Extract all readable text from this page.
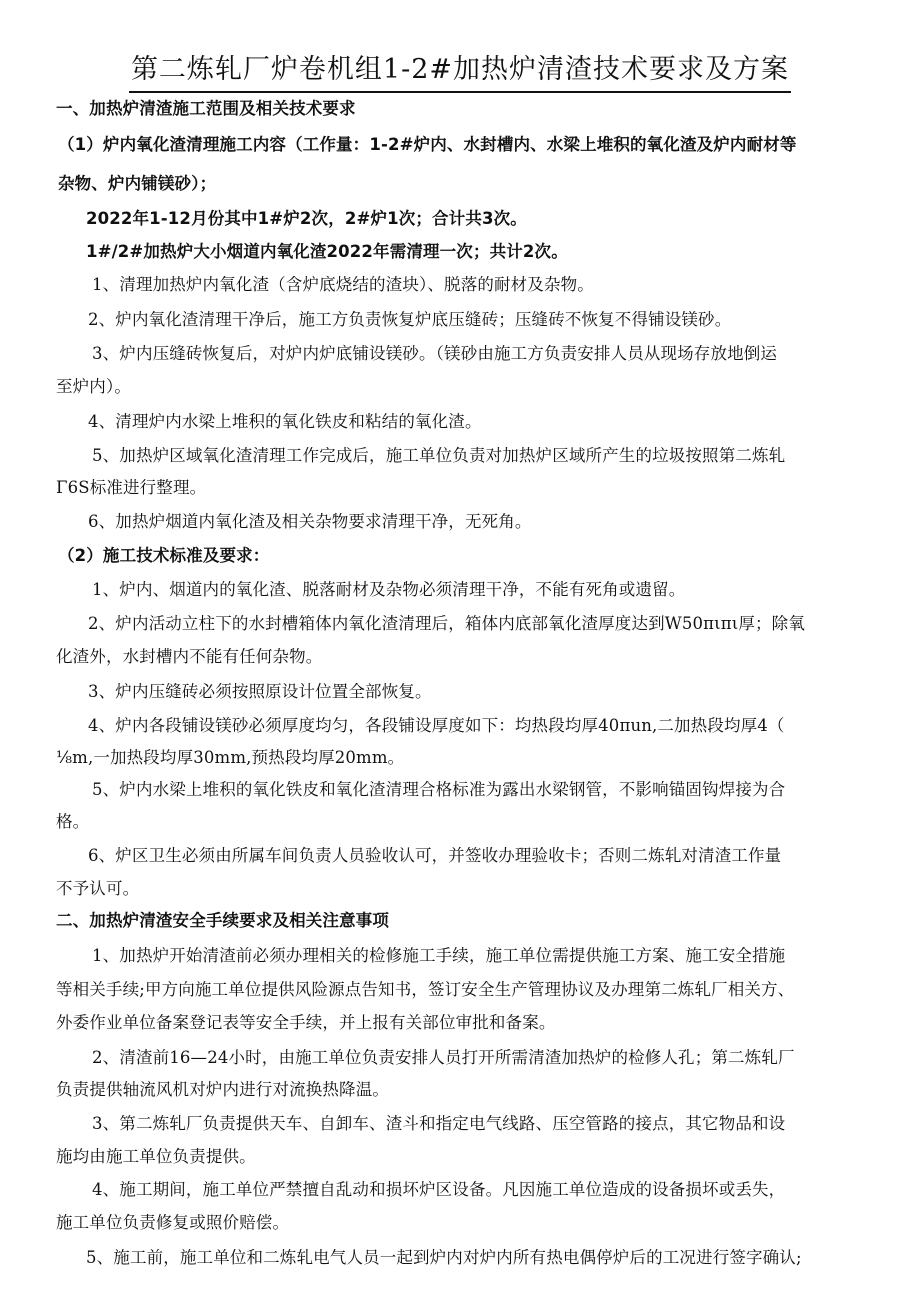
第二炼轧厂炉卷机组1-2#加热炉清渣技术要求及方案
一、加热炉清渣施工范围及相关技术要求
（1）炉内氧化渣清理施工内容（工作量：1-2#炉内、水封槽内、水梁上堆积的氧化渣及炉内耐材等
杂物、炉内铺镁砂）；
2022年1-12月份其中1#炉2次，2#炉1次；合计共3次。
1#/2#加热炉大小烟道内氧化渣2022年需清理一次；共计2次。
1、清理加热炉内氧化渣（含炉底烧结的渣块）、脱落的耐材及杂物。
2、炉内氧化渣清理干净后，施工方负责恢复炉底压缝砖；压缝砖不恢复不得铺设镁砂。
3、炉内压缝砖恢复后，对炉内炉底铺设镁砂。（镁砂由施工方负责安排人员从现场存放地倒运
至炉内）。
4、清理炉内水梁上堆积的氧化铁皮和粘结的氧化渣。
5、加热炉区域氧化渣清理工作完成后，施工单位负责对加热炉区域所产生的垃圾按照第二炼轧
Γ6S标准进行整理。
6、加热炉烟道内氧化渣及相关杂物要求清理干净，无死角。
（2）施工技术标准及要求：
1、炉内、烟道内的氧化渣、脱落耐材及杂物必须清理干净，不能有死角或遗留。
2、炉内活动立柱下的水封槽箱体内氧化渣清理后，箱体内底部氧化渣厚度达到W50πιπι厚；除氧
化渣外，水封槽内不能有任何杂物。
3、炉内压缝砖必须按照原设计位置全部恢复。
4、炉内各段铺设镁砂必须厚度均匀，各段铺设厚度如下：均热段均厚40πun,二加热段均厚4（
⅛m,一加热段均厚30mm,预热段均厚20mm。
5、炉内水梁上堆积的氧化铁皮和氧化渣清理合格标准为露出水梁钢管，不影响锚固钩焊接为合
格。
6、炉区卫生必须由所属车间负责人员验收认可，并签收办理验收卡；否则二炼轧对清渣工作量
不予认可。
二、加热炉清渣安全手续要求及相关注意事项
1、加热炉开始清渣前必须办理相关的检修施工手续，施工单位需提供施工方案、施工安全措施
等相关手续;甲方向施工单位提供风险源点告知书，签订安全生产管理协议及办理第二炼轧厂相关方、
外委作业单位备案登记表等安全手续，并上报有关部位审批和备案。
2、清渣前16—24小时，由施工单位负责安排人员打开所需清渣加热炉的检修人孔；第二炼轧厂
负责提供轴流风机对炉内进行对流换热降温。
3、第二炼轧厂负责提供天车、自卸车、渣斗和指定电气线路、压空管路的接点，其它物品和设
施均由施工单位负责提供。
4、施工期间，施工单位严禁擅自乱动和损坏炉区设备。凡因施工单位造成的设备损坏或丢失，
施工单位负责修复或照价赔偿。
5、施工前，施工单位和二炼轧电气人员一起到炉内对炉内所有热电偶停炉后的工况进行签字确认;
